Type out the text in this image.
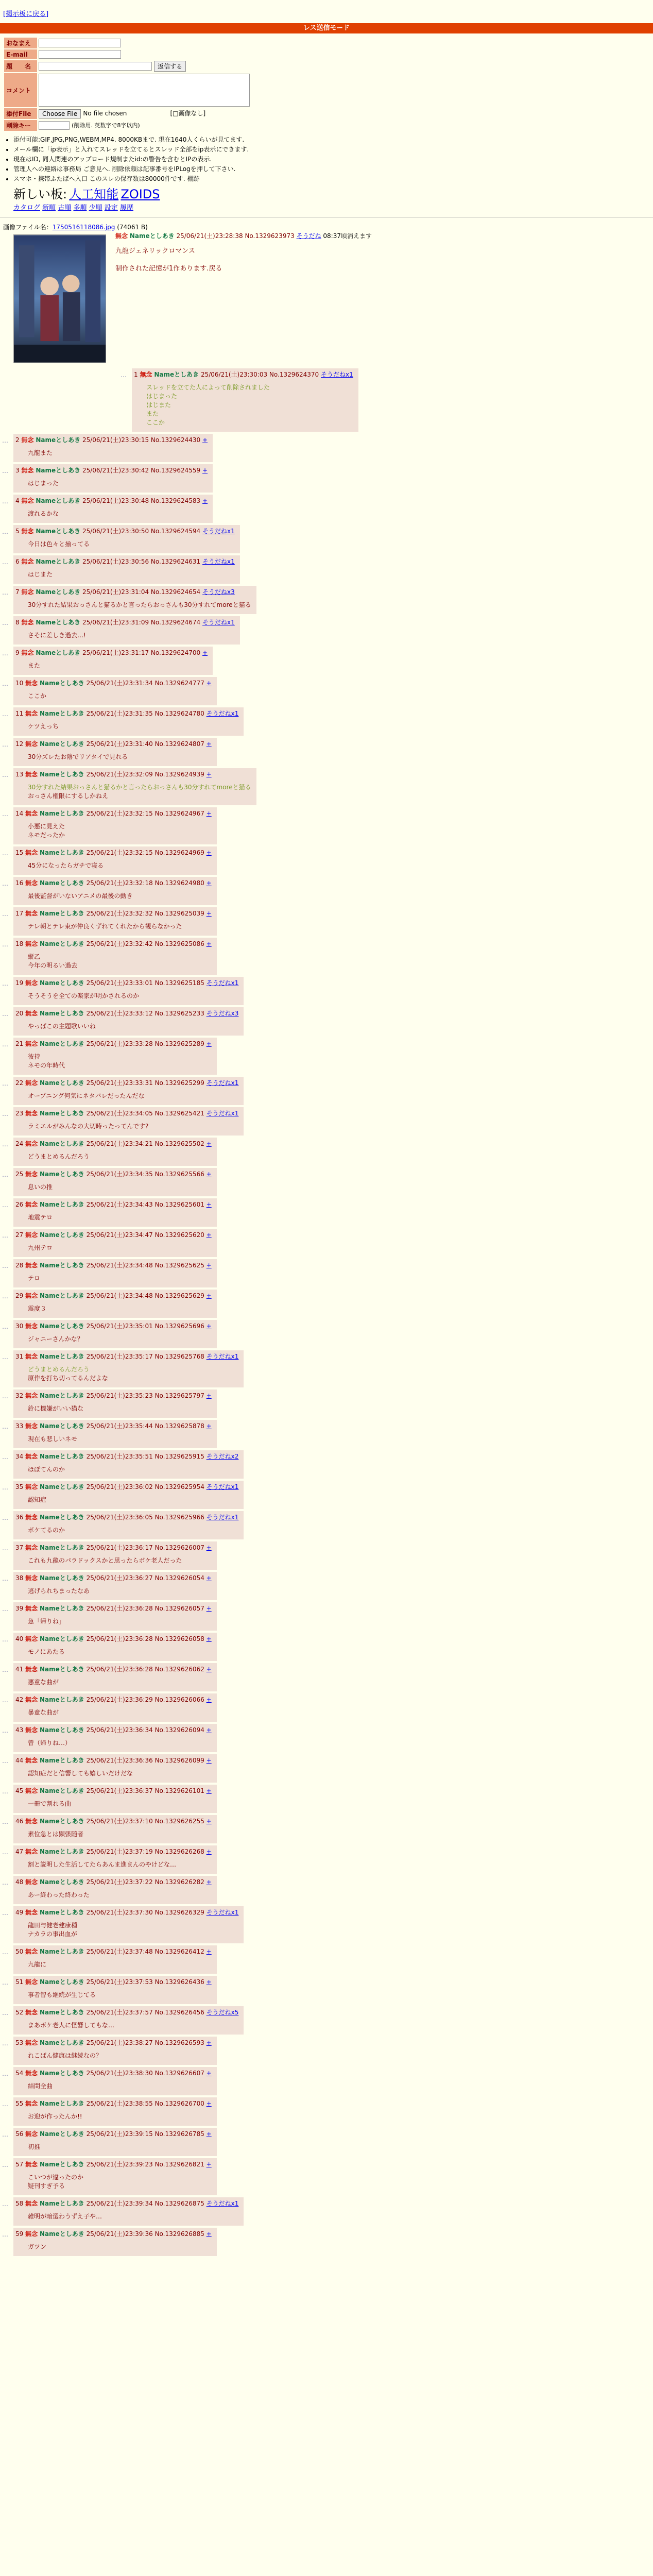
[掲示板に戻る]
レス送信モード
おなまえ	
E-mail	
題　　名	返信する
コメント	
添付File	Choose File No file chosen [□画像なし]
削除キー	(削除用. 英数字で8字以内)
• 添付可能:GIF,JPG,PNG,WEBM,MP4. 8000KBまで. 現在1640人くらいが見てます.
• メール欄に「ip表示」と入れてスレッドを立てるとスレッド全部をip表示にできます.
• 現在はID, 同人関連のアップロード規制またid:の警告を含むとIPの表示.
• 管理人への連絡は事務局 ご意見へ. 削除依頼は記事番号をIPLogを押して下さい.
• スマホ・携帯ふたばへ入口 このスレの保存数は80000件です. 棚跡
新しい板: 人工知能 ZOIDS
カタログ 新順 古順 多順 少順 設定 履歴
画像ファイル名：1750516118086.jpg (74061 B)
無念 Nameとしあき 25/06/21(土)23:28:38 No.1329623973 そうだね 08:37頃消えます
九龍ジェネリックロマンス

制作された記憶が1作あります.戻る
…	1 無念 Nameとしあき 25/06/21(土)23:30:03 No.1329624370 そうだねx1
スレッドを立てた人によって削除されました
はじまった
はじまた
また
ここか
…	2 無念 Nameとしあき 25/06/21(土)23:30:15 No.1329624430 +
九龍また
…	3 無念 Nameとしあき 25/06/21(土)23:30:42 No.1329624559 +
はじまった
…	4 無念 Nameとしあき 25/06/21(土)23:30:48 No.1329624583 +
渡れるかな
…	5 無念 Nameとしあき 25/06/21(土)23:30:50 No.1329624594 そうだねx1
今日は色々と揃ってる
…	6 無念 Nameとしあき 25/06/21(土)23:30:56 No.1329624631 そうだねx1
はじまた
…	7 無念 Nameとしあき 25/06/21(土)23:31:04 No.1329624654 そうだねx3
30分すれた結果おっさんと猫るかと言ったらおっさんも30分すれてmoreと猫る
…	8 無念 Nameとしあき 25/06/21(土)23:31:09 No.1329624674 そうだねx1
さそに差しき過去…!
…	9 無念 Nameとしあき 25/06/21(土)23:31:17 No.1329624700 +
また
…	10 無念 Nameとしあき 25/06/21(土)23:31:34 No.1329624777 +
ここか
…	11 無念 Nameとしあき 25/06/21(土)23:31:35 No.1329624780 そうだねx1
ケツえっち
…	12 無念 Nameとしあき 25/06/21(土)23:31:40 No.1329624807 +
30分ズレたお陰でリアタイで見れる
…	13 無念 Nameとしあき 25/06/21(土)23:32:09 No.1329624939 +
30分すれた結果おっさんと猫るかと言ったらおっさんも30分すれてmoreと猫る
おっさん権限にするしかねえ
…	14 無念 Nameとしあき 25/06/21(土)23:32:15 No.1329624967 +
小悪に見えた
ネモだったか
…	15 無念 Nameとしあき 25/06/21(土)23:32:15 No.1329624969 +
45分になったらガチで寝る
…	16 無念 Nameとしあき 25/06/21(土)23:32:18 No.1329624980 +
最後監督がいないアニメの最後の動き
…	17 無念 Nameとしあき 25/06/21(土)23:32:32 No.1329625039 +
テレ朝とテレ東が仲良くずれてくれたから観らなかった
…	18 無念 Nameとしあき 25/06/21(土)23:32:42 No.1329625086 +
縦乙
今年の明るい過去
…	19 無念 Nameとしあき 25/06/21(土)23:33:01 No.1329625185 そうだねx1
そうそうを全ての楽家が明かされるのか
…	20 無念 Nameとしあき 25/06/21(土)23:33:12 No.1329625233 そうだねx3
やっぱこの主題歌いいね
…	21 無念 Nameとしあき 25/06/21(土)23:33:28 No.1329625289 +
彼持
ネモの年時代
…	22 無念 Nameとしあき 25/06/21(土)23:33:31 No.1329625299 そうだねx1
オープニング何気にネタバレだったんだな
…	23 無念 Nameとしあき 25/06/21(土)23:34:05 No.1329625421 そうだねx1
ラミエルがみんなの大切時ったってんです?
…	24 無念 Nameとしあき 25/06/21(土)23:34:21 No.1329625502 +
どうまとめるんだろう
…	25 無念 Nameとしあき 25/06/21(土)23:34:35 No.1329625566 +
息いの推
…	26 無念 Nameとしあき 25/06/21(土)23:34:43 No.1329625601 +
地震テロ
…	27 無念 Nameとしあき 25/06/21(土)23:34:47 No.1329625620 +
九州テロ
…	28 無念 Nameとしあき 25/06/21(土)23:34:48 No.1329625625 +
テロ
…	29 無念 Nameとしあき 25/06/21(土)23:34:48 No.1329625629 +
震度３
…	30 無念 Nameとしあき 25/06/21(土)23:35:01 No.1329625696 +
ジャニーさんかな？
…	31 無念 Nameとしあき 25/06/21(土)23:35:17 No.1329625768 そうだねx1
どうまとめるんだろう
原作を打ち切ってるんだよな
…	32 無念 Nameとしあき 25/06/21(土)23:35:23 No.1329625797 +
鈴に機嫌がいい猫な
…	33 無念 Nameとしあき 25/06/21(土)23:35:44 No.1329625878 +
現在も悲しいネモ
…	34 無念 Nameとしあき 25/06/21(土)23:35:51 No.1329625915 そうだねx2
ほぼてんのか
…	35 無念 Nameとしあき 25/06/21(土)23:36:02 No.1329625954 そうだねx1
認知症
…	36 無念 Nameとしあき 25/06/21(土)23:36:05 No.1329625966 そうだねx1
ボケてるのか
…	37 無念 Nameとしあき 25/06/21(土)23:36:17 No.1329626007 +
これも九龍のパラドックスかと思ったらボケ老人だった
…	38 無念 Nameとしあき 25/06/21(土)23:36:27 No.1329626054 +
逃げられちまったなあ
…	39 無念 Nameとしあき 25/06/21(土)23:36:28 No.1329626057 +
急「帰りね」
…	40 無念 Nameとしあき 25/06/21(土)23:36:28 No.1329626058 +
モノにあたる
…	41 無念 Nameとしあき 25/06/21(土)23:36:28 No.1329626062 +
悪童な曲が
…	42 無念 Nameとしあき 25/06/21(土)23:36:29 No.1329626066 +
暴童な曲が
…	43 無念 Nameとしあき 25/06/21(土)23:36:34 No.1329626094 +
曾（帰りね…）
…	44 無念 Nameとしあき 25/06/21(土)23:36:36 No.1329626099 +
認知症だと信響しても嬉しいだけだな
…	45 無念 Nameとしあき 25/06/21(土)23:36:37 No.1329626101 +
一冊で割れる曲
…	46 無念 Nameとしあき 25/06/21(土)23:37:10 No.1329626255 +
素位急とは顕張随者
…	47 無念 Nameとしあき 25/06/21(土)23:37:19 No.1329626268 +
割と説明した生活してたらあんま進まんのやけどな…
…	48 無念 Nameとしあき 25/06/21(土)23:37:22 No.1329626282 +
あー終わった終わった
…	49 無念 Nameとしあき 25/06/21(土)23:37:30 No.1329626329 そうだねx1
龍田与健老建康種
ナカラの事出血が
…	50 無念 Nameとしあき 25/06/21(土)23:37:48 No.1329626412 +
九龍に
…	51 無念 Nameとしあき 25/06/21(土)23:37:53 No.1329626436 +
事者智も継続が生じてる
…	52 無念 Nameとしあき 25/06/21(土)23:37:57 No.1329626456 そうだねx5
まあボケ老人に怪響してもな…
…	53 無念 Nameとしあき 25/06/21(土)23:38:27 No.1329626593 +
れこばん健康は継続なの？
…	54 無念 Nameとしあき 25/06/21(土)23:38:30 No.1329626607 +
結問全曲
…	55 無念 Nameとしあき 25/06/21(土)23:38:55 No.1329626700 +
お迎が作ったんか!!
…	56 無念 Nameとしあき 25/06/21(土)23:39:15 No.1329626785 +
初推
…	57 無念 Nameとしあき 25/06/21(土)23:39:23 No.1329626821 +
こいつが違ったのか
疑刊すぎ予る
…	58 無念 Nameとしあき 25/06/21(土)23:39:34 No.1329626875 そうだねx1
雑明が暗選わうずえ子や…
…	59 無念 Nameとしあき 25/06/21(土)23:39:36 No.1329626885 +
ガツン
